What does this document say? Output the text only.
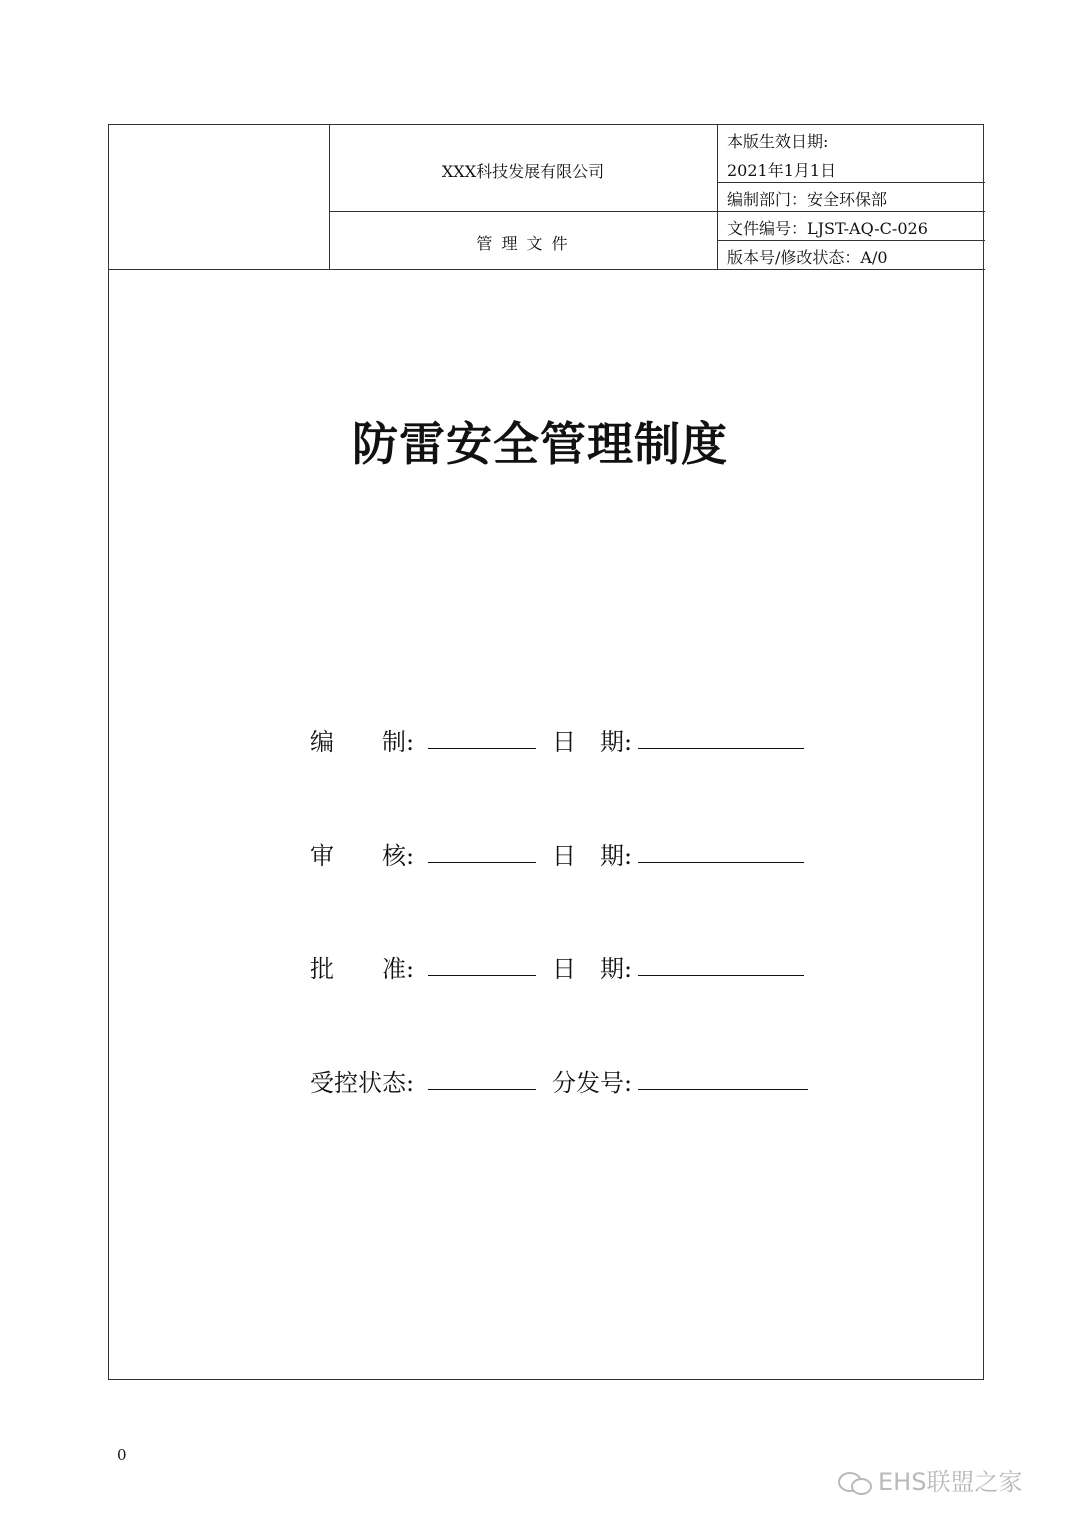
XXX科技发展有限公司
管 理 文 件
本版生效日期:
2021年1月1日
编制部门：安全环保部
文件编号：LJST-AQ-C-026
版本号/修改状态：A/0
防雷安全管理制度
编　　制:	日　期:
审　　核:	日　期:
批　　准:	日　期:
受控状态:	分发号:
0
EHS联盟之家
